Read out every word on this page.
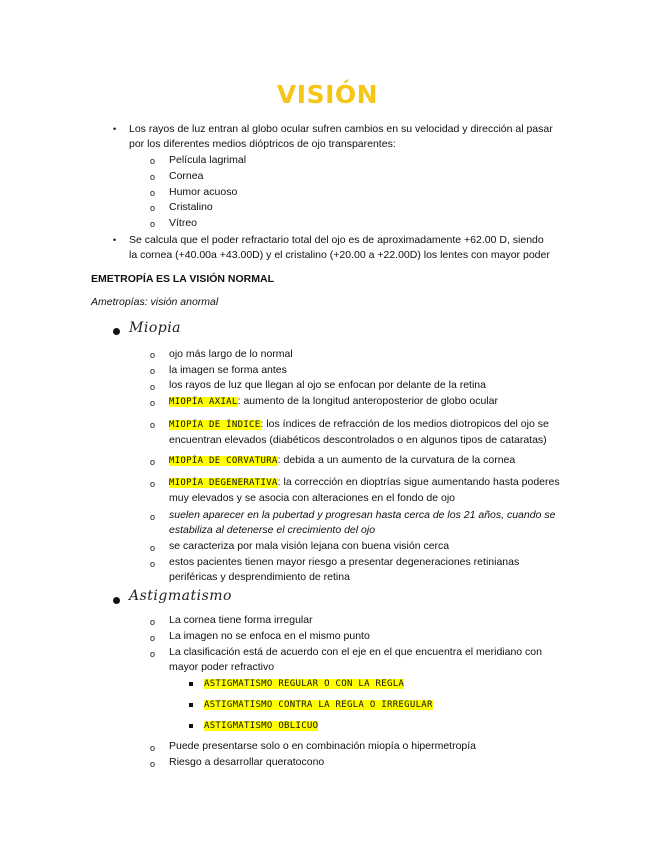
VISIÓN
• Los rayos de luz entran al globo ocular sufren cambios en su velocidad y dirección al pasar
por los diferentes medios dióptricos de ojo transparentes:
o Película lagrimal
o Cornea
o Humor acuoso
o Cristalino
o Vítreo
• Se calcula que el poder refractario total del ojo es de aproximadamente +62.00 D, siendo
la cornea (+40.00a +43.00D) y el cristalino (+20.00 a +22.00D) los lentes con mayor poder
EMETROPÍA ES LA VISIÓN NORMAL
Ametropías: visión anormal
Miopia
o ojo más largo de lo normal
o la imagen se forma antes
o los rayos de luz que llegan al ojo se enfocan por delante de la retina
o MIOPÍA AXIAL: aumento de la longitud anteroposterior de globo ocular
o MIOPÍA DE ÍNDICE: los índices de refracción de los medios diotropicos del ojo se
encuentran elevados (diabéticos descontrolados o en algunos tipos de cataratas)
o MIOPÍA DE CORVATURA: debida a un aumento de la curvatura de la cornea
o MIOPÍA DEGENERATIVA: la corrección en dioptrías sigue aumentando hasta poderes
muy elevados y se asocia con alteraciones en el fondo de ojo
o suelen aparecer en la pubertad y progresan hasta cerca de los 21 años, cuando se
estabiliza al detenerse el crecimiento del ojo
o se caracteriza por mala visión lejana con buena visión cerca
o estos pacientes tienen mayor riesgo a presentar degeneraciones retinianas
periféricas y desprendimiento de retina
Astigmatismo
o La cornea tiene forma irregular
o La imagen no se enfoca en el mismo punto
o La clasificación está de acuerdo con el eje en el que encuentra el meridiano con
mayor poder refractivo
ASTIGMATISMO REGULAR O CON LA REGLA
ASTIGMATISMO CONTRA LA REGLA O IRREGULAR
ASTIGMATISMO OBLICUO
o Puede presentarse solo o en combinación miopía o hipermetropía
o Riesgo a desarrollar queratocono
